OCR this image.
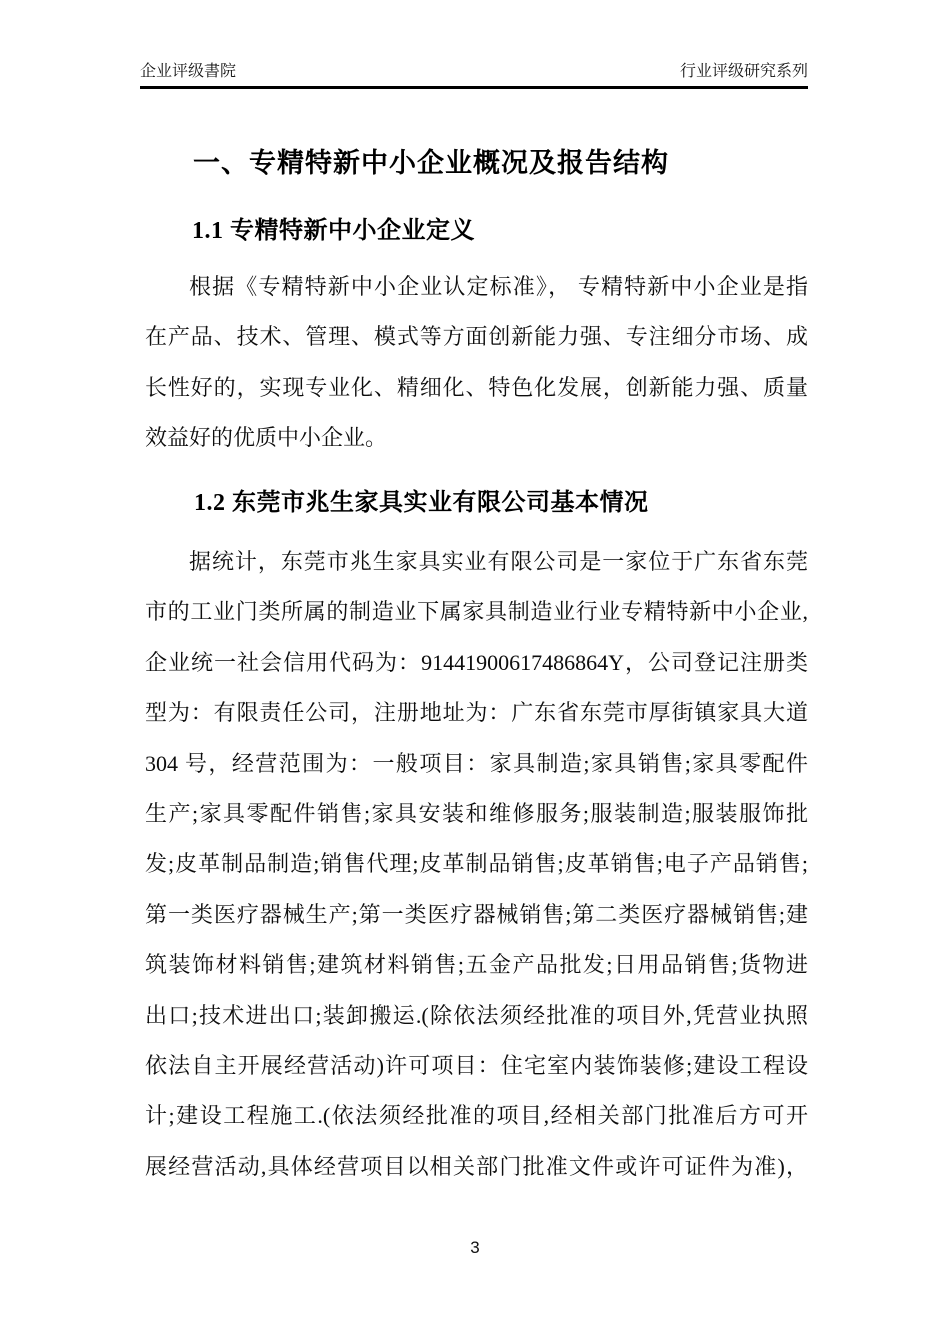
企业评级書院	行业评级研究系列
一、专精特新中小企业概况及报告结构
1.1 专精特新中小企业定义
根据《专精特新中小企业认定标准》， 专精特新中小企业是指
在产品、技术、管理、模式等方面创新能力强、专注细分市场、成
长性好的，实现专业化、精细化、特色化发展，创新能力强、质量
效益好的优质中小企业。
1.2 东莞市兆生家具实业有限公司基本情况
据统计，东莞市兆生家具实业有限公司是一家位于广东省东莞
市的工业门类所属的制造业下属家具制造业行业专精特新中小企业,
企业统一社会信用代码为：91441900617486864Y，公司登记注册类
型为：有限责任公司，注册地址为：广东省东莞市厚街镇家具大道
304 号，经营范围为：一般项目：家具制造;家具销售;家具零配件
生产;家具零配件销售;家具安装和维修服务;服装制造;服装服饰批
发;皮革制品制造;销售代理;皮革制品销售;皮革销售;电子产品销售;
第一类医疗器械生产;第一类医疗器械销售;第二类医疗器械销售;建
筑装饰材料销售;建筑材料销售;五金产品批发;日用品销售;货物进
出口;技术进出口;装卸搬运.(除依法须经批准的项目外,凭营业执照
依法自主开展经营活动)许可项目：住宅室内装饰装修;建设工程设
计;建设工程施工.(依法须经批准的项目,经相关部门批准后方可开
展经营活动,具体经营项目以相关部门批准文件或许可证件为准)，
3
